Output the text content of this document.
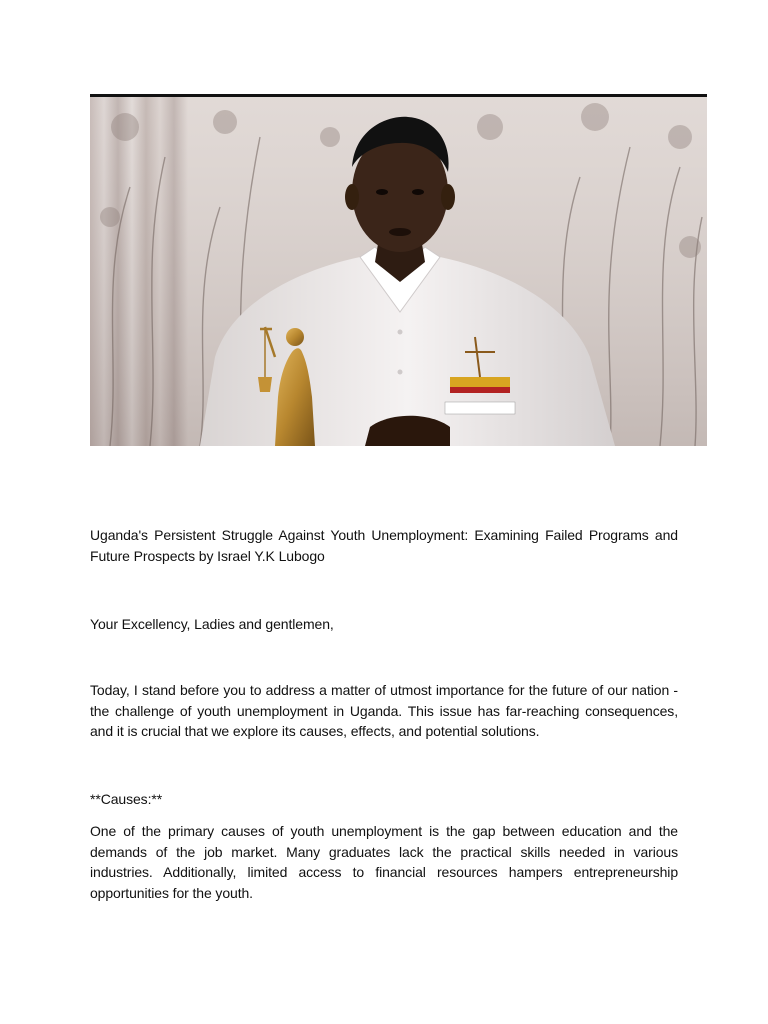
Uganda's Persistent Struggle Against Youth Unemployment: Examining Failed Programs and Future Prospects by Israel Y.K Lubogo

Your Excellency, Ladies and gentlemen,

Today, I stand before you to address a matter of utmost importance for the future of our nation - the challenge of youth unemployment in Uganda. This issue has far-reaching consequences, and it is crucial that we explore its causes, effects, and potential solutions.

**Causes:**

One of the primary causes of youth unemployment is the gap between education and the demands of the job market. Many graduates lack the practical skills needed in various industries. Additionally, limited access to financial resources hampers entrepreneurship opportunities for the youth.
